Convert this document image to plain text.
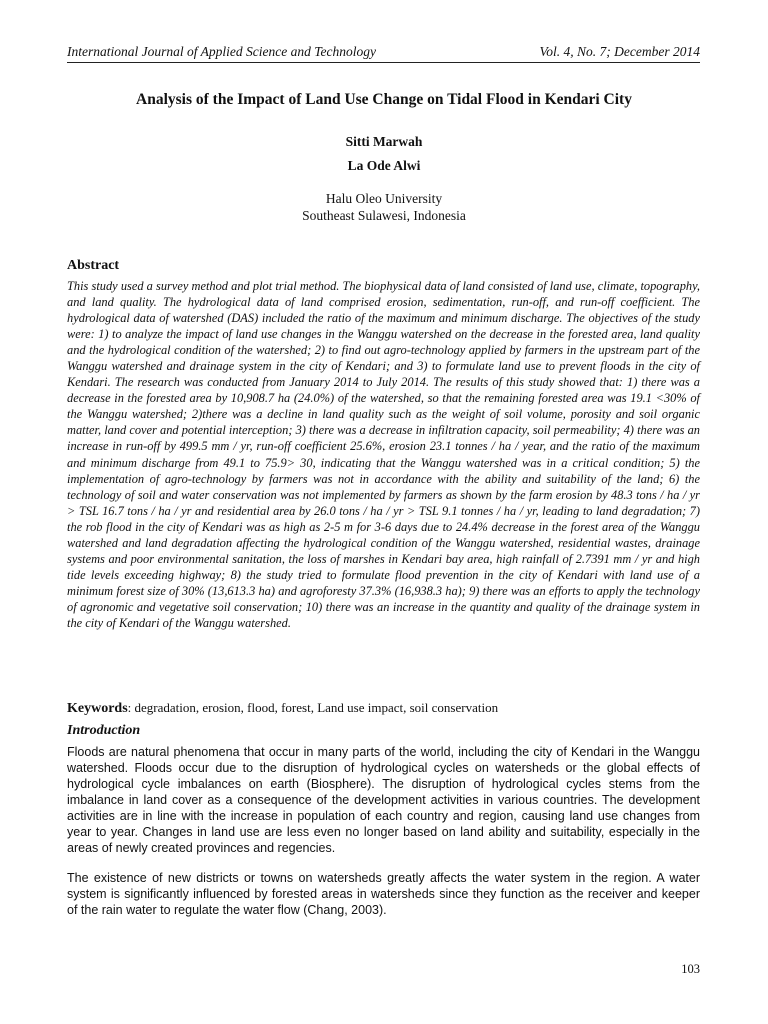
International Journal of Applied Science and Technology	Vol. 4, No. 7; December 2014
Analysis of the Impact of Land Use Change on Tidal Flood in Kendari City
Sitti Marwah
La Ode Alwi
Halu Oleo University
Southeast Sulawesi, Indonesia
Abstract

This study used a survey method and plot trial method. The biophysical data of land consisted of land use, climate, topography, and land quality. The hydrological data of land comprised erosion, sedimentation, run-off, and run-off coefficient. The hydrological data of watershed (DAS) included the ratio of the maximum and minimum discharge. The objectives of the study were: 1) to analyze the impact of land use changes in the Wanggu watershed on the decrease in the forested area, land quality and the hydrological condition of the watershed; 2) to find out agro-technology applied by farmers in the upstream part of the Wanggu watershed and drainage system in the city of Kendari; and 3) to formulate land use to prevent floods in the city of Kendari. The research was conducted from January 2014 to July 2014. The results of this study showed that: 1) there was a decrease in the forested area by 10,908.7 ha (24.0%) of the watershed, so that the remaining forested area was 19.1 <30% of the Wanggu watershed; 2)there was a decline in land quality such as the weight of soil volume, porosity and soil organic matter, land cover and potential interception; 3) there was a decrease in infiltration capacity, soil permeability; 4) there was an increase in run-off by 499.5 mm / yr, run-off coefficient 25.6%, erosion 23.1 tonnes / ha / year, and the ratio of the maximum and minimum discharge from 49.1 to 75.9> 30, indicating that the Wanggu watershed was in a critical condition; 5) the implementation of agro-technology by farmers was not in accordance with the ability and suitability of the land; 6) the technology of soil and water conservation was not implemented by farmers as shown by the farm erosion by 48.3 tons / ha / yr > TSL 16.7 tons / ha / yr and residential area by 26.0 tons / ha / yr > TSL 9.1 tonnes / ha / yr, leading to land degradation; 7) the rob flood in the city of Kendari was as high as 2-5 m for 3-6 days due to 24.4% decrease in the forest area of the Wanggu watershed and land degradation affecting the hydrological condition of the Wanggu watershed, residential wastes, drainage systems and poor environmental sanitation, the loss of marshes in Kendari bay area, high rainfall of 2.7391 mm / yr and high tide levels exceeding highway; 8) the study tried to formulate flood prevention in the city of Kendari with land use of a minimum forest size of 30% (13,613.3 ha) and agroforesty 37.3% (16,938.3 ha); 9) there was an efforts to apply the technology of agronomic and vegetative soil conservation; 10) there was an increase in the quantity and quality of the drainage system in the city of Kendari of the Wanggu watershed.

Keywords: degradation, erosion, flood, forest, Land use impact, soil conservation

Introduction

Floods are natural phenomena that occur in many parts of the world, including the city of Kendari in the Wanggu watershed. Floods occur due to the disruption of hydrological cycles on watersheds or the global effects of hydrological cycle imbalances on earth (Biosphere). The disruption of hydrological cycles stems from the imbalance in land cover as a consequence of the development activities in various countries. The development activities are in line with the increase in population of each country and region, causing land use changes from year to year. Changes in land use are less even no longer based on land ability and suitability, especially in the areas of newly created provinces and regencies.

The existence of new districts or towns on watersheds greatly affects the water system in the region. A water system is significantly influenced by forested areas in watersheds since they function as the receiver and keeper of the rain water to regulate the water flow (Chang, 2003).

103
